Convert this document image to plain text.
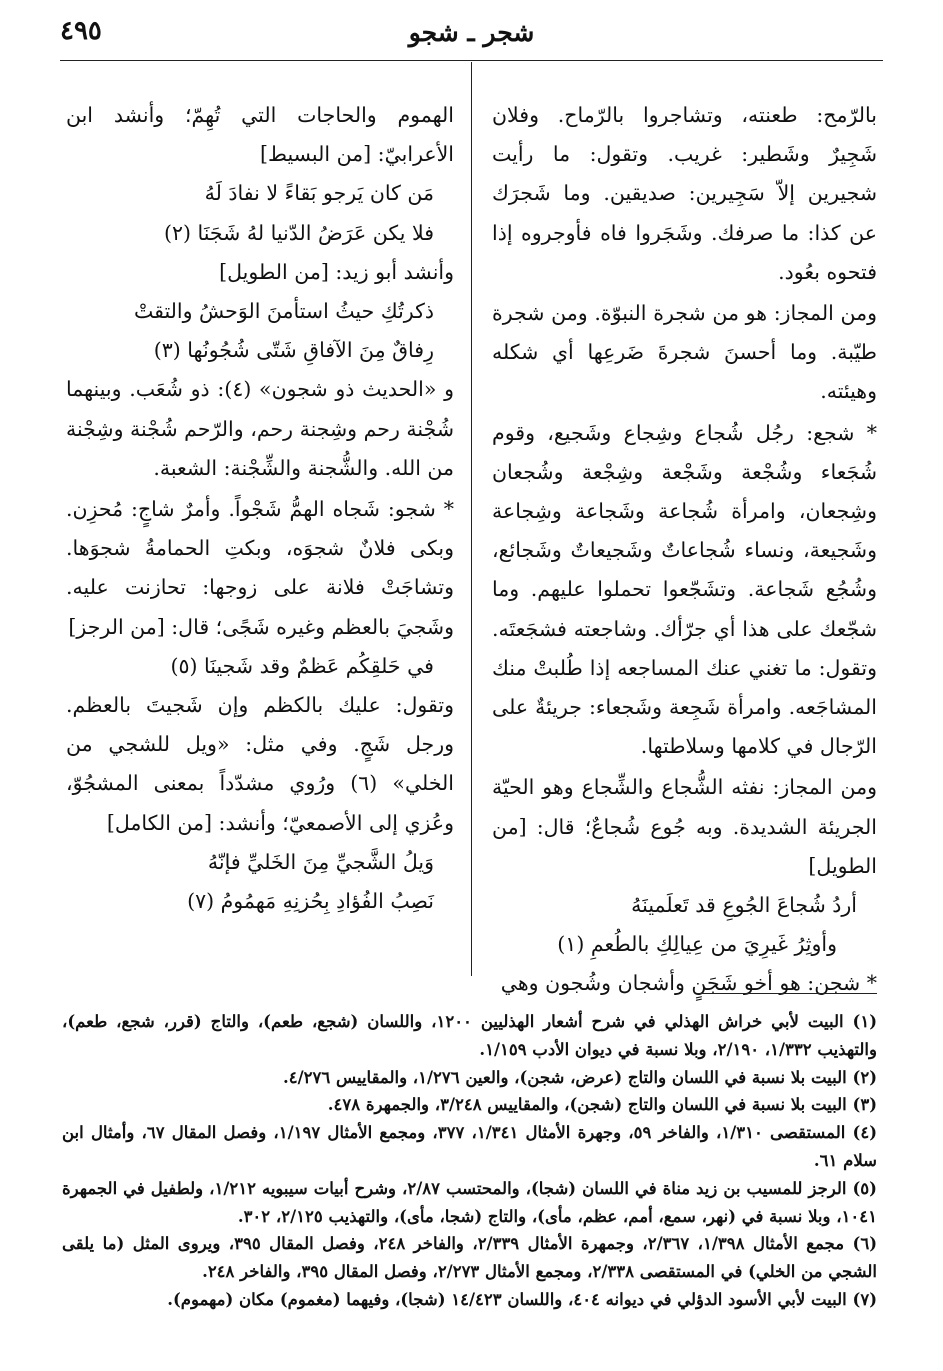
٤٩٥	شجر ـ شجو

بالرّمح: طعنته، وتشاجروا بالرّماح. وفلان شَجِيرٌ وشَطير: غريب. وتقول: ما رأيت شجيرين إلاّ سَجِيرين: صديقين. وما شَجرَك عن كذا: ما صرفك. وشَجَروا فاه فأوجروه إذا فتحوه بعُود.

ومن المجاز: هو من شجرة النبوّة. ومن شجرة طيّبة. وما أحسنَ شجرةَ ضَرعِها أي شكله وهيئته.

* شجع: رجُل شُجاع وشِجاع وشَجيع، وقوم شُجَعاء وشُجْعة وشَجْعة وشِجْعة وشُجعان وشِجعان، وامرأة شُجاعة وشَجاعة وشِجاعة وشَجيعة، ونساء شُجاعاتٌ وشَجيعاتٌ وشَجائع، وشُجُع شَجاعة. وتشَجّعوا تحملوا عليهم. وما شجّعك على هذا أي جرّأك. وشاجعته فشجَعتَه. وتقول: ما تغني عنك المساجعه إذا طُلبتْ منك المشاجَعه. وامرأة شَجِعة وشَجعاء: جريئةٌ على الرّجال في كلامها وسلاطتها.

ومن المجاز: نفثه الشُّجاع والشِّجاع وهو الحيّة الجريئة الشديدة. وبه جُوع شُجاعٌ؛ قال: [من الطويل]

أردُ شُجاعَ الجُوعِ قد تَعلَمينَهُ
وأوثِرُ غَيرِيَ من عِيالِكِ بالطُعمِ (١)

* شجن: هو أخو شَجَنٍ وأشجان وشُجون وهي

الهموم والحاجات التي تُهِمّ؛ وأنشد ابن الأعرابيّ: [من البسيط]

مَن كان يَرجو بَقاءً لا نفادَ لَهُ
فلا يكن عَرَضُ الدّنيا لهُ شَجَنَا (٢)

وأنشد أبو زيد: [من الطويل]

ذكرتُكِ حيثُ استأمنَ الوَحشُ والتقتْ
رِفاقٌ مِنَ الآفاقِ شَتّى شُجُونُها (٣)

و «الحديث ذو شجون» (٤): ذو شُعَب. وبينهما شُجْنة رحم وشِجنة رحم، والرّحم شُجْنة وشِجْنة من الله. والشُّجنة والشِّجْنة: الشعبة.

* شجو: شَجاه الهمُّ شَجْواً. وأمرٌ شاجٍ: مُحزِن. وبكى فلانٌ شجوَه، وبكتِ الحمامةُ شجوَها. وتشاجَتْ فلانة على زوجها: تحازنت عليه. وشَجيَ بالعظم وغيره شَجًى؛ قال: [من الرجز]

في حَلقِكُم عَظمٌ وقد شَجينَا (٥)

وتقول: عليك بالكظم وإن شَجيتَ بالعظم. ورجل شَجٍ. وفي مثل: «ويل للشجي من الخلي» (٦) ورُوي مشدّداً بمعنى المشجُوّ، وعُزي إلى الأصمعيّ؛ وأنشد: [من الكامل]

وَيلُ الشَّجيِّ مِنَ الخَليِّ فإنّهُ
نَصِبُ الفُؤادِ بِحُزنِهِ مَهمُومُ (٧)

(١) البيت لأبي خراش الهذلي في شرح أشعار الهذليين ١٢٠٠، واللسان (شجع، طعم)، والتاج (قرر، شجع، طعم)، والتهذيب ١/٣٣٢، ٢/١٩٠، وبلا نسبة في ديوان الأدب ١/١٥٩.

(٢) البيت بلا نسبة في اللسان والتاج (عرض، شجن)، والعين ١/٢٧٦، والمقاييس ٤/٢٧٦.

(٣) البيت بلا نسبة في اللسان والتاج (شجن)، والمقاييس ٣/٢٤٨، والجمهرة ٤٧٨.

(٤) المستقصى ١/٣١٠، والفاخر ٥٩، وجهرة الأمثال ١/٣٤١، ٣٧٧، ومجمع الأمثال ١/١٩٧، وفصل المقال ٦٧، وأمثال ابن سلام ٦١.

(٥) الرجز للمسيب بن زيد مناة في اللسان (شجا)، والمحتسب ٢/٨٧، وشرح أبيات سيبويه ١/٢١٢، ولطفيل في الجمهرة ١٠٤١، وبلا نسبة في (نهر، سمع، أمم، عظم، مأى)، والتاج (شجا، مأى)، والتهذيب ٢/١٢٥، ٣٠٢.

(٦) مجمع الأمثال ١/٣٩٨، ٢/٣٦٧، وجمهرة الأمثال ٢/٣٣٩، والفاخر ٢٤٨، وفصل المقال ٣٩٥، ويروى المثل (ما يلقى الشجي من الخلي) في المستقصى ٢/٣٣٨، ومجمع الأمثال ٢/٢٧٣، وفصل المقال ٣٩٥، والفاخر ٢٤٨.

(٧) البيت لأبي الأسود الدؤلي في ديوانه ٤٠٤، واللسان ١٤/٤٢٣ (شجا)، وفيهما (مغموم) مكان (مهموم).
